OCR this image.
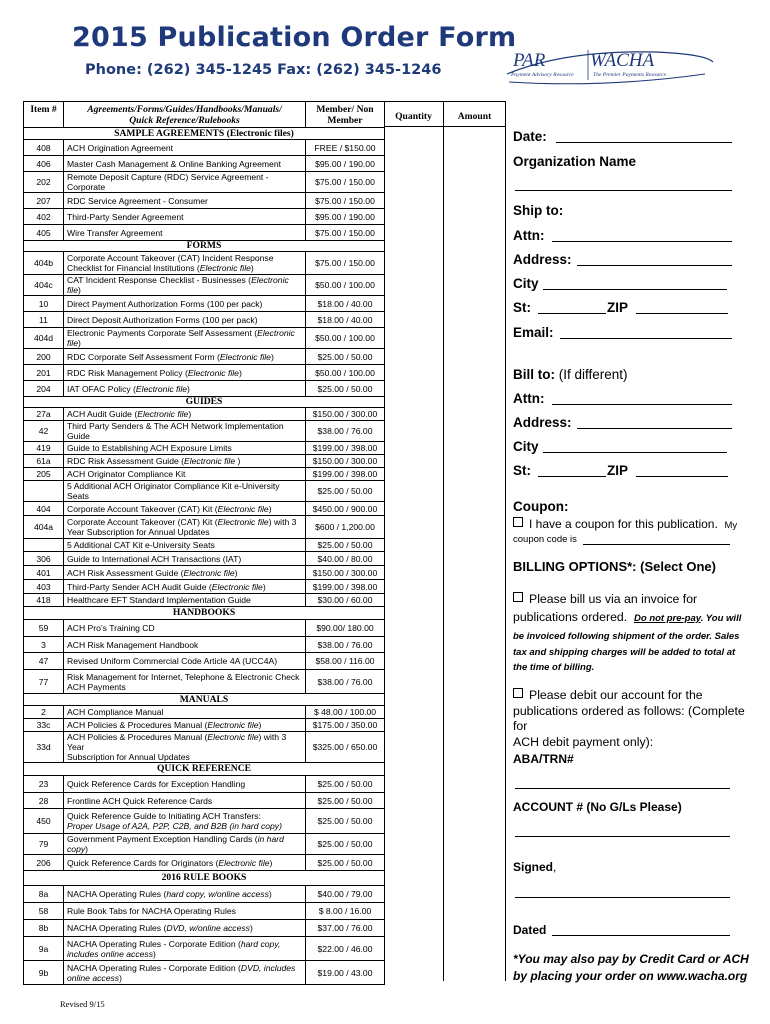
2015 Publication Order Form
Phone: (262) 345-1245 Fax: (262) 345-1246	PAR WACHA
Payment Advisory Resource	The Premier Payments Resource
Quantity	Amount
Item #	Agreements/Forms/Guides/Handbooks/Manuals/
Quick Reference/Rulebooks	Member/ Non Member
SAMPLE AGREEMENTS (Electronic files)		
408	ACH Origination Agreement	FREE / $150.00
406	Master Cash Management & Online Banking Agreement	$95.00 / 190.00
202	Remote Deposit Capture (RDC) Service Agreement - Corporate	$75.00 / 150.00
207	RDC Service Agreement - Consumer	$75.00 / 150.00
402	Third-Party Sender Agreement	$95.00 / 190.00
405	Wire Transfer Agreement	$75.00 / 150.00
FORMS		
404b	Corporate Account Takeover (CAT) Incident Response
Checklist for Financial Institutions (Electronic file)	$75.00 / 150.00
404c	CAT Incident Response Checklist - Businesses (Electronic file)	$50.00 / 100.00
10	Direct Payment Authorization Forms (100 per pack)	$18.00 / 40.00
11	Direct Deposit Authorization Forms (100 per pack)	$18.00 / 40.00
404d	Electronic Payments Corporate Self Assessment (Electronic file)	$50.00 / 100.00
200	RDC Corporate Self Assessment Form (Electronic file)	$25.00 / 50.00
201	RDC Risk Management Policy (Electronic file)	$50.00 / 100.00
204	IAT OFAC Policy (Electronic file)	$25.00 / 50.00
GUIDES		
27a	ACH Audit Guide (Electronic file)	$150.00 / 300.00
42	Third Party Senders & The ACH Network Implementation Guide	$38.00 / 76.00
419	Guide to Establishing ACH Exposure Limits	$199.00 / 398.00
61a	RDC Risk Assessment Guide (Electronic file )	$150.00 / 300.00
205	ACH Originator Compliance Kit	$199.00 / 398.00
	5 Additional ACH Originator Compliance Kit e-University Seats	$25.00 / 50.00
404	Corporate Account Takeover (CAT) Kit (Electronic file)	$450.00 / 900.00
404a	Corporate Account Takeover (CAT) Kit (Electronic file) with 3
Year Subscription for Annual Updates	$600 / 1,200.00
	5 Additional CAT Kit e-University Seats	$25.00 / 50.00
306	Guide to International ACH Transactions (IAT)	$40.00 / 80.00
401	ACH Risk Assessment Guide (Electronic file)	$150.00 / 300.00
403	Third-Party Sender ACH Audit Guide (Electronic file)	$199.00 / 398.00
418	Healthcare EFT Standard Implementation Guide	$30.00 / 60.00
HANDBOOKS		
59	ACH Pro’s Training CD	$90.00/ 180.00
3	ACH Risk Management Handbook	$38.00 / 76.00
47	Revised Uniform Commercial Code Article 4A (UCC4A)	$58.00 / 116.00
77	Risk Management for Internet, Telephone & Electronic Check
ACH Payments	$38.00 / 76.00
MANUALS		
2	ACH Compliance Manual	$ 48.00 / 100.00
33c	ACH Policies & Procedures Manual (Electronic file)	$175.00 / 350.00
33d	ACH Policies & Procedures Manual (Electronic file) with 3 Year
Subscription for Annual Updates	$325.00 / 650.00
QUICK REFERENCE		
23	Quick Reference Cards for Exception Handling	$25.00 / 50.00
28	Frontline ACH Quick Reference Cards	$25.00 / 50.00
450	Quick Reference Guide to Initiating ACH Transfers:
Proper Usage of A2A, P2P, C2B, and B2B (in hard copy)	$25.00 / 50.00
79	Government Payment Exception Handling Cards (in hard copy)	$25.00 / 50.00
206	Quick Reference Cards for Originators (Electronic file)	$25.00 / 50.00
2016 RULE BOOKS		
8a	NACHA Operating Rules (hard copy, w/online access)	$40.00 / 79.00
58	Rule Book Tabs for NACHA Operating Rules	$ 8.00 / 16.00
8b	NACHA Operating Rules (DVD, w/online access)	$37.00 / 76.00
9a	NACHA Operating Rules - Corporate Edition (hard copy,
includes online access)	$22.00 / 46.00
9b	NACHA Operating Rules - Corporate Edition (DVD, includes
online access)	$19.00 / 43.00
Date:
Organization Name
Ship to:
Attn:
Address:
City
St:	ZIP
Email:
Bill to: (If different)
Attn:
Address:
City
St:	ZIP
Coupon:
I have a coupon for this publication. My
coupon code is
BILLING OPTIONS*: (Select One)
Please bill us via an invoice for
publications ordered. Do not pre-pay. You will
be invoiced following shipment of the order. Sales
tax and shipping charges will be added to total at
the time of billing.
Please debit our account for the
publications ordered as follows: (Complete for
ACH debit payment only):
ABA/TRN#
ACCOUNT # (No G/Ls Please)
Signed,
Dated
*You may also pay by Credit Card or ACH
by placing your order on www.wacha.org
Revised 9/15
